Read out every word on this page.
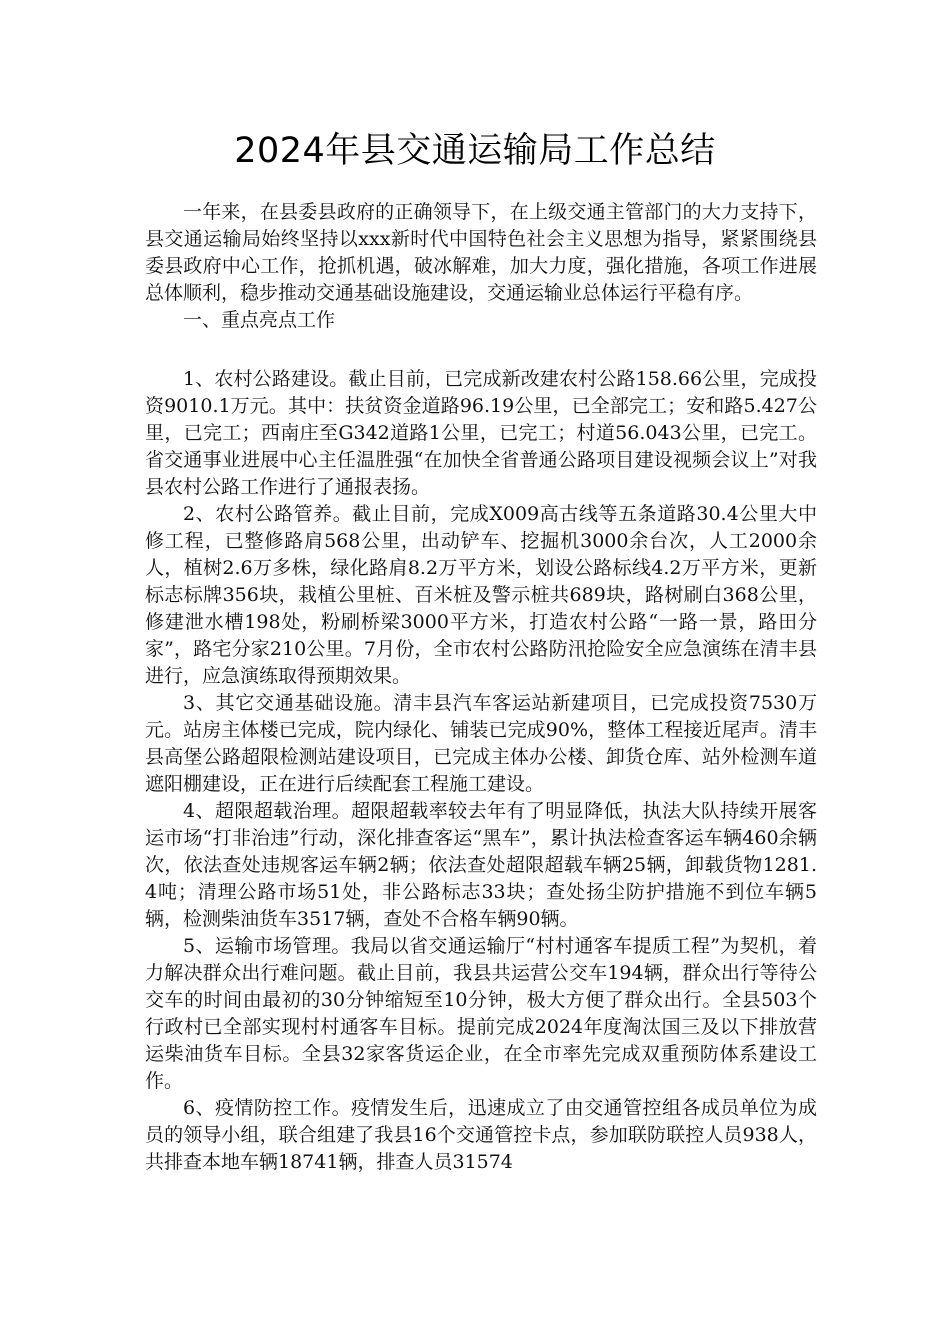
2024年县交通运输局工作总结

一年来，在县委县政府的正确领导下，在上级交通主管部门的大力支持下，县交通运输局始终坚持以xxx新时代中国特色社会主义思想为指导，紧紧围绕县委县政府中心工作，抢抓机遇，破冰解难，加大力度，强化措施，各项工作进展总体顺利，稳步推动交通基础设施建设，交通运输业总体运行平稳有序。

一、重点亮点工作

1、农村公路建设。截止目前，已完成新改建农村公路158.66公里，完成投资9010.1万元。其中：扶贫资金道路96.19公里，已全部完工；安和路5.427公里，已完工；西南庄至G342道路1公里，已完工；村道56.043公里，已完工。省交通事业进展中心主任温胜强“在加快全省普通公路项目建设视频会议上”对我县农村公路工作进行了通报表扬。

2、农村公路管养。截止目前，完成X009高古线等五条道路30.4公里大中修工程，已整修路肩568公里，出动铲车、挖掘机3000余台次，人工2000余人，植树2.6万多株，绿化路肩8.2万平方米，划设公路标线4.2万平方米，更新标志标牌356块，栽植公里桩、百米桩及警示桩共689块，路树刷白368公里，修建泄水槽198处，粉刷桥梁3000平方米，打造农村公路“一路一景，路田分家”，路宅分家210公里。7月份，全市农村公路防汛抢险安全应急演练在清丰县进行，应急演练取得预期效果。

3、其它交通基础设施。清丰县汽车客运站新建项目，已完成投资7530万元。站房主体楼已完成，院内绿化、铺装已完成90%，整体工程接近尾声。清丰县高堡公路超限检测站建设项目，已完成主体办公楼、卸货仓库、站外检测车道遮阳棚建设，正在进行后续配套工程施工建设。

4、超限超载治理。超限超载率较去年有了明显降低，执法大队持续开展客运市场“打非治违”行动，深化排查客运“黑车”，累计执法检查客运车辆460余辆次，依法查处违规客运车辆2辆；依法查处超限超载车辆25辆，卸载货物1281.4吨；清理公路市场51处，非公路标志33块；查处扬尘防护措施不到位车辆5辆，检测柴油货车3517辆，查处不合格车辆90辆。

5、运输市场管理。我局以省交通运输厅“村村通客车提质工程”为契机，着力解决群众出行难问题。截止目前，我县共运营公交车194辆，群众出行等待公交车的时间由最初的30分钟缩短至10分钟，极大方便了群众出行。全县503个行政村已全部实现村村通客车目标。提前完成2024年度淘汰国三及以下排放营运柴油货车目标。全县32家客货运企业，在全市率先完成双重预防体系建设工作。

6、疫情防控工作。疫情发生后，迅速成立了由交通管控组各成员单位为成员的领导小组，联合组建了我县16个交通管控卡点，参加联防联控人员938人，共排查本地车辆18741辆，排查人员31574
